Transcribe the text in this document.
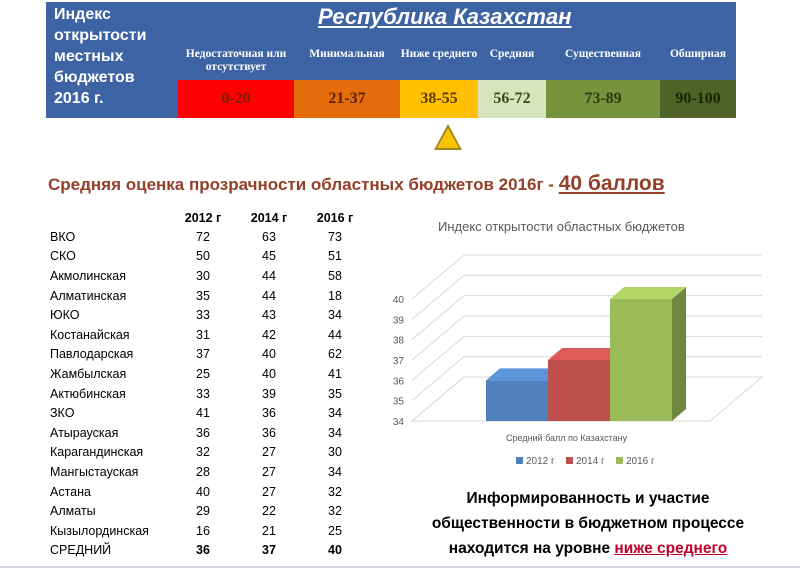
Индекс открытости местных бюджетов 2016 г.
Республика Казахстан
Недостаточная или отсутствует
0-20
Минимальная
21-37
Ниже среднего
38-55
Средняя
56-72
Существенная
73-89
Обширная
90-100
Средняя оценка прозрачности областных бюджетов 2016г - 40 баллов
	2012 г	2014 г	2016 г
ВКО	72	63	73
СКО	50	45	51
Акмолинская	30	44	58
Алматинская	35	44	18
ЮКО	33	43	34
Костанайская	31	42	44
Павлодарская	37	40	62
Жамбылская	25	40	41
Актюбинская	33	39	35
ЗКО	41	36	34
Атырауская	36	36	34
Карагандинская	32	27	30
Мангыстауская	28	27	34
Астана	40	27	32
Алматы	29	22	32
Кызылординская	16	21	25
СРЕДНИЙ	36	37	40
Индекс открытости областных бюджетов
34
35
36
37
38
39
40
Средний балл по Казахстану
2012 г 2014 г 2016 г
Информированность и участие
общественности в бюджетном процессе
находится на уровне ниже среднего
